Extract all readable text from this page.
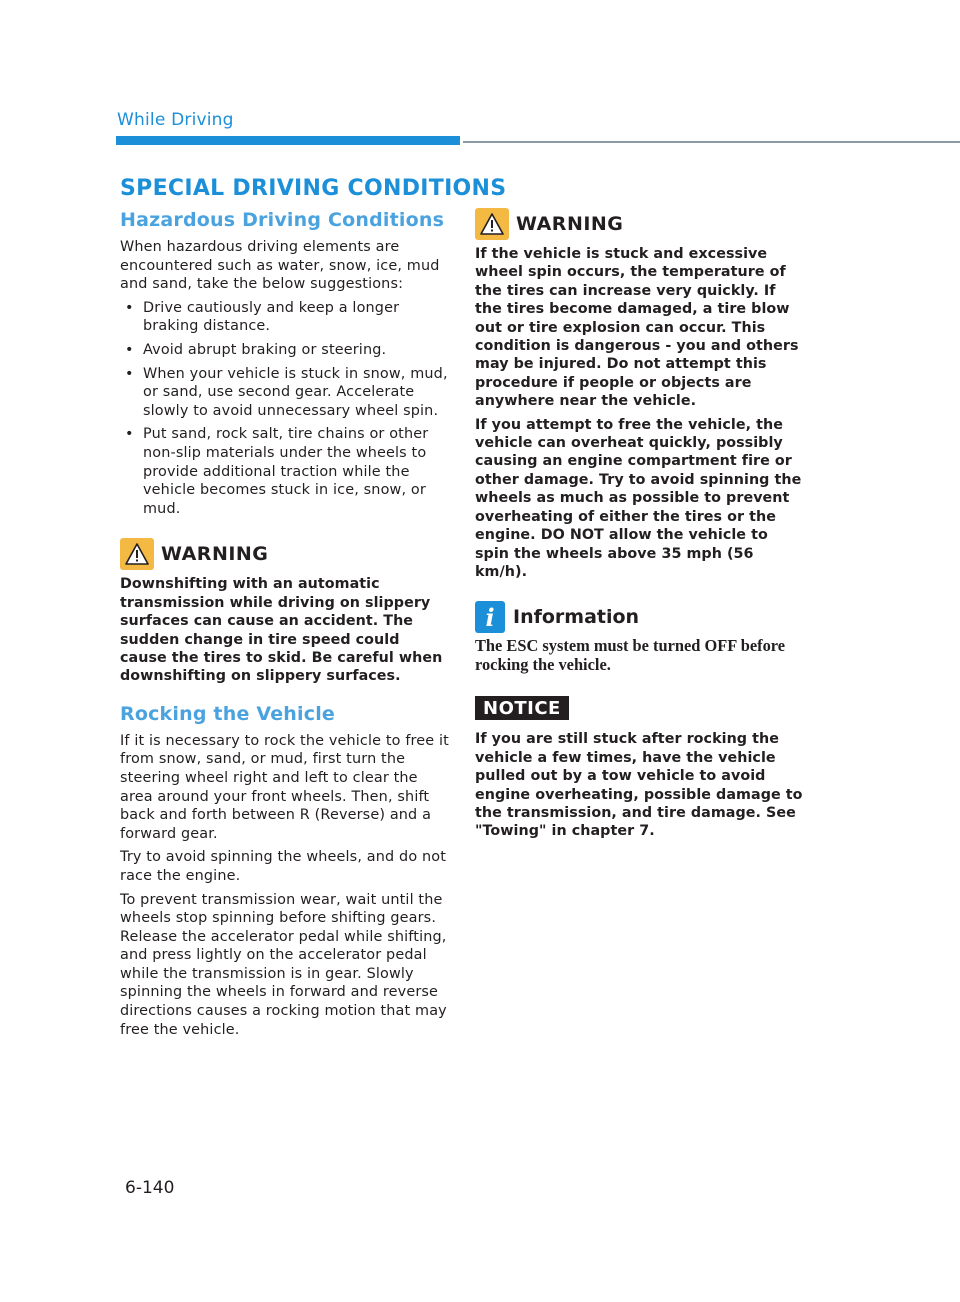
While Driving
SPECIAL DRIVING CONDITIONS
Hazardous Driving Conditions

When hazardous driving elements are encountered such as water, snow, ice, mud and sand, take the below suggestions:

• Drive cautiously and keep a longer braking distance.
• Avoid abrupt braking or steering.
• When your vehicle is stuck in snow, mud, or sand, use second gear. Accelerate slowly to avoid unnecessary wheel spin.
• Put sand, rock salt, tire chains or other non-slip materials under the wheels to provide additional traction while the vehicle becomes stuck in ice, snow, or mud.
WARNING

Downshifting with an automatic transmission while driving on slippery surfaces can cause an accident. The sudden change in tire speed could cause the tires to skid. Be careful when downshifting on slippery surfaces.

Rocking the Vehicle

If it is necessary to rock the vehicle to free it from snow, sand, or mud, first turn the steering wheel right and left to clear the area around your front wheels. Then, shift back and forth between R (Reverse) and a forward gear.

Try to avoid spinning the wheels, and do not race the engine.

To prevent transmission wear, wait until the wheels stop spinning before shifting gears. Release the accelerator pedal while shifting, and press lightly on the accelerator pedal while the transmission is in gear. Slowly spinning the wheels in forward and reverse directions causes a rocking motion that may free the vehicle.

WARNING

If the vehicle is stuck and excessive wheel spin occurs, the temperature of the tires can increase very quickly. If the tires become damaged, a tire blow out or tire explosion can occur. This condition is dangerous - you and others may be injured. Do not attempt this procedure if people or objects are anywhere near the vehicle.

If you attempt to free the vehicle, the vehicle can overheat quickly, possibly causing an engine compartment fire or other damage. Try to avoid spinning the wheels as much as possible to prevent overheating of either the tires or the engine. DO NOT allow the vehicle to spin the wheels above 35 mph (56 km/h).

i Information

The ESC system must be turned OFF before rocking the vehicle.

NOTICE

If you are still stuck after rocking the vehicle a few times, have the vehicle pulled out by a tow vehicle to avoid engine overheating, possible damage to the transmission, and tire damage. See "Towing" in chapter 7.

6-140
